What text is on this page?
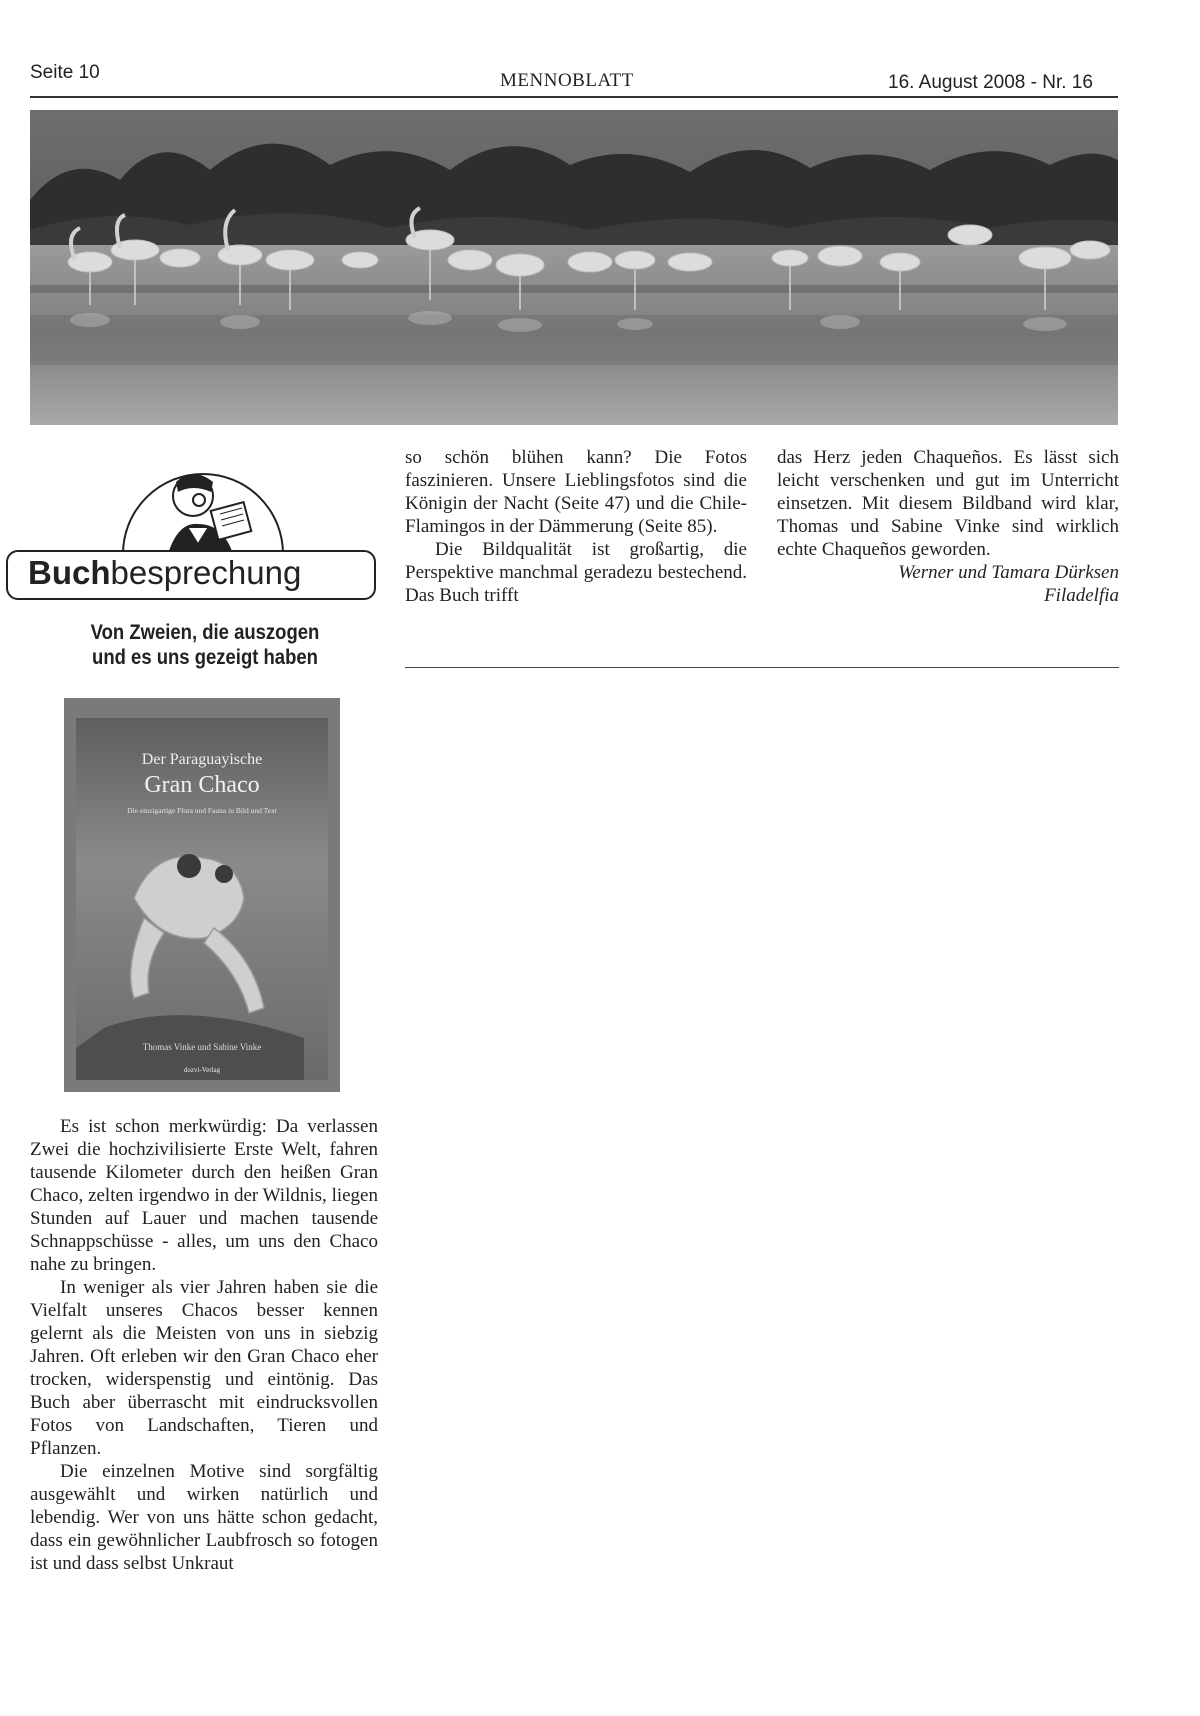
Seite 10	MENNOBLATT	16. August 2008 - Nr. 16
Buchbesprechung
Von Zweien, die auszogen
und es uns gezeigt haben
Der Paraguayische
Gran Chaco
Die einzigartige Flora und Fauna in Bild und Text
Thomas Vinke und Sabine Vinke
dozvi-Verlag

Es ist schon merkwürdig: Da verlassen Zwei die hochzivilisierte Erste Welt, fahren tausende Kilometer durch den heißen Gran Chaco, zelten irgendwo in der Wildnis, liegen Stunden auf Lauer und machen tausende Schnappschüsse - alles, um uns den Chaco nahe zu bringen.

In weniger als vier Jahren haben sie die Vielfalt unseres Chacos besser kennen gelernt als die Meisten von uns in siebzig Jahren. Oft erleben wir den Gran Chaco eher trocken, widerspenstig und eintönig. Das Buch aber überrascht mit eindrucksvollen Fotos von Landschaften, Tieren und Pflanzen.

Die einzelnen Motive sind sorgfältig ausgewählt und wirken natürlich und lebendig. Wer von uns hätte schon gedacht, dass ein gewöhnlicher Laubfrosch so fotogen ist und dass selbst Unkraut

so schön blühen kann? Die Fotos faszinieren. Unsere Lieblingsfotos sind die Königin der Nacht (Seite 47) und die Chile-Flamingos in der Dämmerung (Seite 85).

Die Bildqualität ist großartig, die Perspektive manchmal geradezu bestechend. Das Buch trifft

das Herz jeden Chaqueños. Es lässt sich leicht verschenken und gut im Unterricht einsetzen. Mit diesem Bildband wird klar, Thomas und Sabine Vinke sind wirklich echte Chaqueños geworden.

Werner und Tamara Dürksen

Filadelfia
